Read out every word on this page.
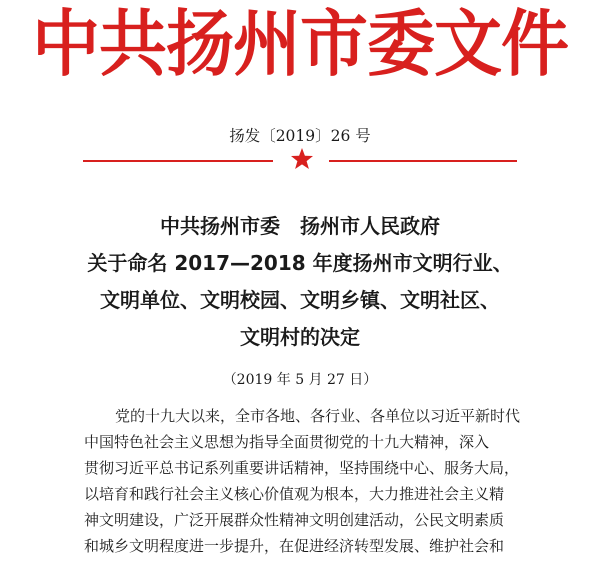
中共扬州市委文件
扬发〔2019〕26 号
中共扬州市委　扬州市人民政府
关于命名 2017—2018 年度扬州市文明行业、
文明单位、文明校园、文明乡镇、文明社区、
文明村的决定
（2019 年 5 月 27 日）
党的十九大以来，全市各地、各行业、各单位以习近平新时代
中国特色社会主义思想为指导全面贯彻党的十九大精神，深入
贯彻习近平总书记系列重要讲话精神，坚持围绕中心、服务大局，
以培育和践行社会主义核心价值观为根本，大力推进社会主义精
神文明建设，广泛开展群众性精神文明创建活动，公民文明素质
和城乡文明程度进一步提升，在促进经济转型发展、维护社会和
